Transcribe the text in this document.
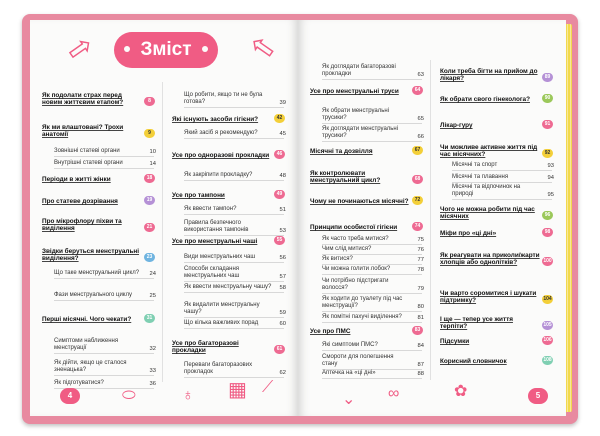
⇨	Зміст	⇨
Як подолати страх перед новим життєвим етапом?	8
Як ми влаштовані? Трохи анатомії	9
Зовнішні статеві органи	10
Внутрішні статеві органи	14
Періоди в житті жінки	18
Про статеве дозрівання	19
Про мікрофлору піхви та виділення	21
Звідки беруться менструальні виділення?	23
Що таке менструальний цикл?	24
Фази менструального циклу	25
Перші місячні. Чого чекати?	31
Симптоми наближення менструації	32
Як дійти, якщо це сталося зненацька?	33
Як підготуватися?	36
Що робити, якщо ти не була готова?	39
Які існують засоби гігієни?	42
Який засіб я рекомендую?	45
Усе про одноразові прокладки	46
Як закріпити прокладку?	48
Усе про тампони	49
Як ввести тампон?	51
Правила безпечного використання тампонів	53
Усе про менструальні чаші	55
Види менструальних чаш	56
Способи складання менструальних чаш	57
Як ввести менструальну чашу?	58
Як видалити менструальну чашу?	59
Що кілька важливих порад	60
Усе про багаторазові прокладки	61
Переваги багаторазових прокладок	62
4	⬭	♁ ▦ ⟋
Як доглядати багаторазові прокладки	63
Усе про менструальні труси	64
Як обрати менструальні трусики?	65
Як доглядати менструальні трусики?	66
Місячні та дозвілля	67
Як контролювати менструальний цикл?	68
Чому не починаються місячні?	72
Принципи особистої гігієни	74
Як часто треба митися?	75
Чим слід митися?	76
Як витися?	77
Чи можна голити лобок?	78
Чи потрібно підстригати волосся?	79
Як ходити до туалету під час менструації?	80
Як помітні пахучі виділення?	81
Усе про ПМС	83
Які симптоми ПМС?	84
Смороти для полегшення стану	87
Аптечка на «ці дні»	88
Коли треба бігти на прийом до лікаря?	89
Як обрати свого гінеколога?	90
Лікар-гуру	91
Чи можливе активне життя під час місячних?	92
Місячні та спорт	93
Місячні та плавання	94
Місячні та відпочинок на природі	95
Чого не можна робити під час місячних	96
Міфи про «ці дні»	98
Як реагувати на приколи/жарти хлопців або однолітків?	100
Чи варто соромитися і шукати підтримку?	104
І ще — тепер усе життя терпіти?	105
Підсумки	106
Корисний словничок	108
⌄ ∞	✿	5
